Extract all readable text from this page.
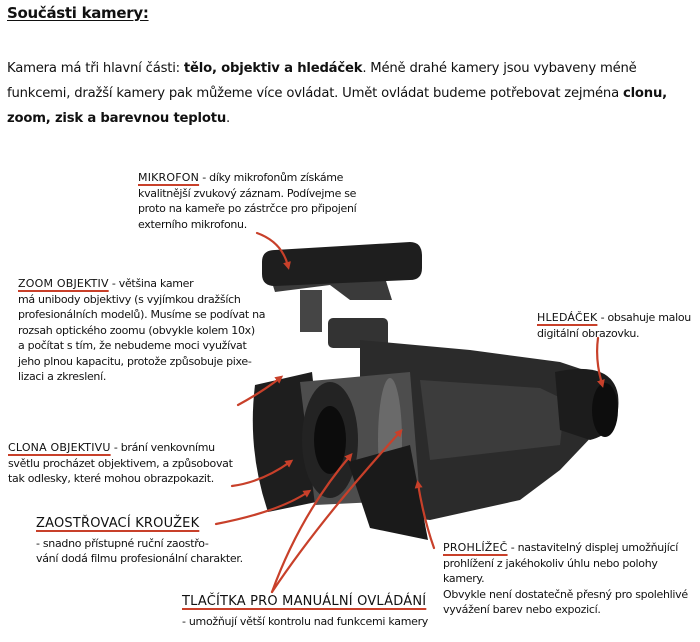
Součásti kamery:

Kamera má tři hlavní části: tělo, objektiv a hledáček. Méně drahé kamery jsou vybaveny méně funkcemi, dražší kamery pak můžeme více ovládat. Umět ovládat budeme potřebovat zejména clonu, zoom, zisk a barevnou teplotu.

MIKROFON - díky mikrofonům získáme
kvalitnější zvukový záznam. Podívejme se
proto na kameře po zástrčce pro připojení
externího mikrofonu.
ZOOM OBJEKTIV - většina kamer
má unibody objektivy (s vyjímkou dražších
profesionálních modelů). Musíme se podívat na
rozsah optického zoomu (obvykle kolem 10x)
a počítat s tím, že nebudeme moci využívat
jeho plnou kapacitu, protože způsobuje pixe-
lizaci a zkreslení.
HLEDÁČEK - obsahuje malou
digitální obrazovku.
CLONA OBJEKTIVU - brání venkovnímu
světlu procházet objektivem, a způsobovat
tak odlesky, které mohou obrazpokazit.
ZAOSTŘOVACÍ KROUŽEK
- snadno přístupné ruční zaostřo-
vání dodá filmu profesionální charakter.
PROHLÍŽEČ - nastavitelný displej umožňující
prohlížení z jakéhokoliv úhlu nebo polohy kamery.
Obvykle není dostatečně přesný pro spolehlivé
vyvážení barev nebo expozicí.
TLAČÍTKA PRO MANUÁLNÍ OVLÁDÁNÍ
- umožňují větší kontrolu nad funkcemi kamery
